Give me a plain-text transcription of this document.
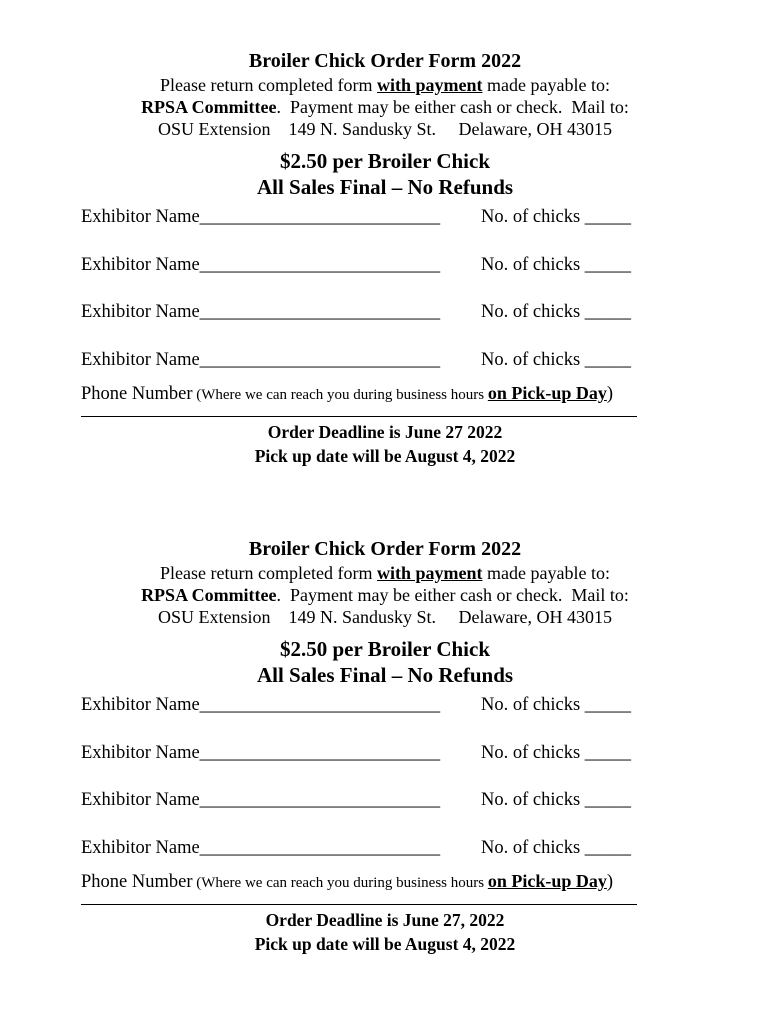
Broiler Chick Order Form 2022
Please return completed form with payment made payable to:
RPSA Committee.  Payment may be either cash or check.  Mail to:
OSU Extension    149 N. Sandusky St.     Delaware, OH 43015
$2.50 per Broiler Chick
All Sales Final – No Refunds
Exhibitor Name__________________________ No. of chicks _____
Exhibitor Name__________________________ No. of chicks _____
Exhibitor Name__________________________ No. of chicks _____
Exhibitor Name__________________________ No. of chicks _____
Phone Number (Where we can reach you during business hours on Pick-up Day)
Order Deadline is June 27 2022
Pick up date will be August 4, 2022
Broiler Chick Order Form 2022
Please return completed form with payment made payable to:
RPSA Committee.  Payment may be either cash or check.  Mail to:
OSU Extension    149 N. Sandusky St.     Delaware, OH 43015
$2.50 per Broiler Chick
All Sales Final – No Refunds
Exhibitor Name__________________________ No. of chicks _____
Exhibitor Name__________________________ No. of chicks _____
Exhibitor Name__________________________ No. of chicks _____
Exhibitor Name__________________________ No. of chicks _____
Phone Number (Where we can reach you during business hours on Pick-up Day)
Order Deadline is June 27, 2022
Pick up date will be August 4, 2022
